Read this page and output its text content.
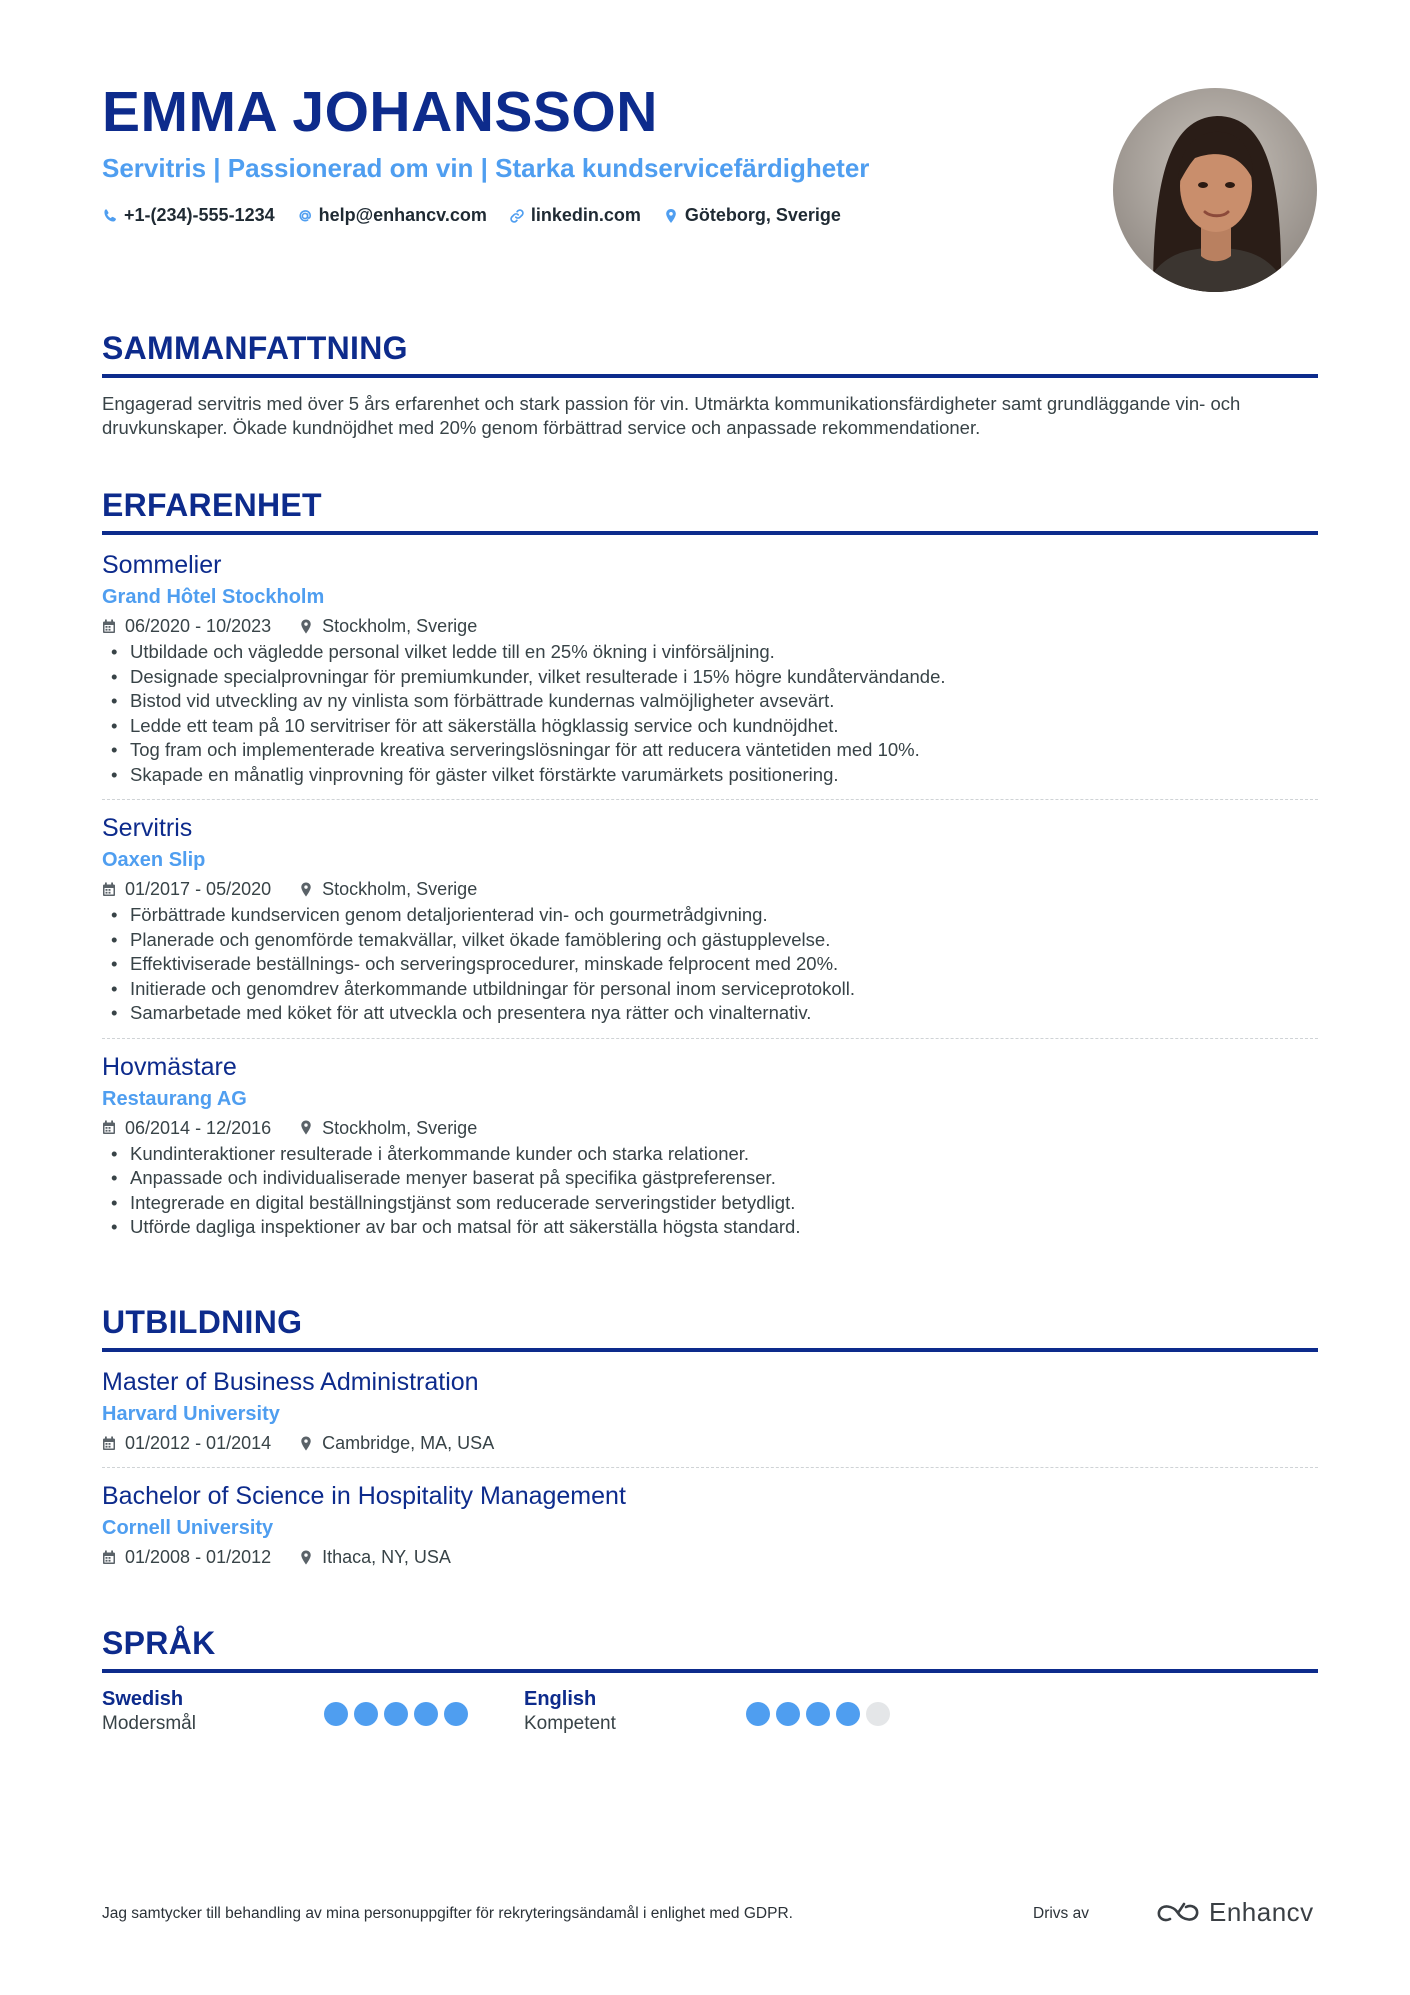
EMMA JOHANSSON
Servitris | Passionerad om vin | Starka kundservicefärdigheter
+1-(234)-555-1234 help@enhancv.com linkedin.com Göteborg, Sverige
SAMMANFATTNING
Engagerad servitris med över 5 års erfarenhet och stark passion för vin. Utmärkta kommunikationsfärdigheter samt grundläggande vin- och druvkunskaper. Ökade kundnöjdhet med 20% genom förbättrad service och anpassade rekommendationer.
ERFARENHET
Sommelier
Grand Hôtel Stockholm
06/2020 - 10/2023	Stockholm, Sverige
• Utbildade och vägledde personal vilket ledde till en 25% ökning i vinförsäljning.
• Designade specialprovningar för premiumkunder, vilket resulterade i 15% högre kundåtervändande.
• Bistod vid utveckling av ny vinlista som förbättrade kundernas valmöjligheter avsevärt.
• Ledde ett team på 10 servitriser för att säkerställa högklassig service och kundnöjdhet.
• Tog fram och implementerade kreativa serveringslösningar för att reducera väntetiden med 10%.
• Skapade en månatlig vinprovning för gäster vilket förstärkte varumärkets positionering.
Servitris
Oaxen Slip
01/2017 - 05/2020	Stockholm, Sverige
• Förbättrade kundservicen genom detaljorienterad vin- och gourmetrådgivning.
• Planerade och genomförde temakvällar, vilket ökade famöblering och gästupplevelse.
• Effektiviserade beställnings- och serveringsprocedurer, minskade felprocent med 20%.
• Initierade och genomdrev återkommande utbildningar för personal inom serviceprotokoll.
• Samarbetade med köket för att utveckla och presentera nya rätter och vinalternativ.
Hovmästare
Restaurang AG
06/2014 - 12/2016	Stockholm, Sverige
• Kundinteraktioner resulterade i återkommande kunder och starka relationer.
• Anpassade och individualiserade menyer baserat på specifika gästpreferenser.
• Integrerade en digital beställningstjänst som reducerade serveringstider betydligt.
• Utförde dagliga inspektioner av bar och matsal för att säkerställa högsta standard.
UTBILDNING
Master of Business Administration
Harvard University
01/2012 - 01/2014	Cambridge, MA, USA
Bachelor of Science in Hospitality Management
Cornell University
01/2008 - 01/2012	Ithaca, NY, USA
SPRÅK
Swedish
Modersmål
English
Kompetent
Jag samtycker till behandling av mina personuppgifter för rekryteringsändamål i enlighet med GDPR.	Drivs av	Enhancv
